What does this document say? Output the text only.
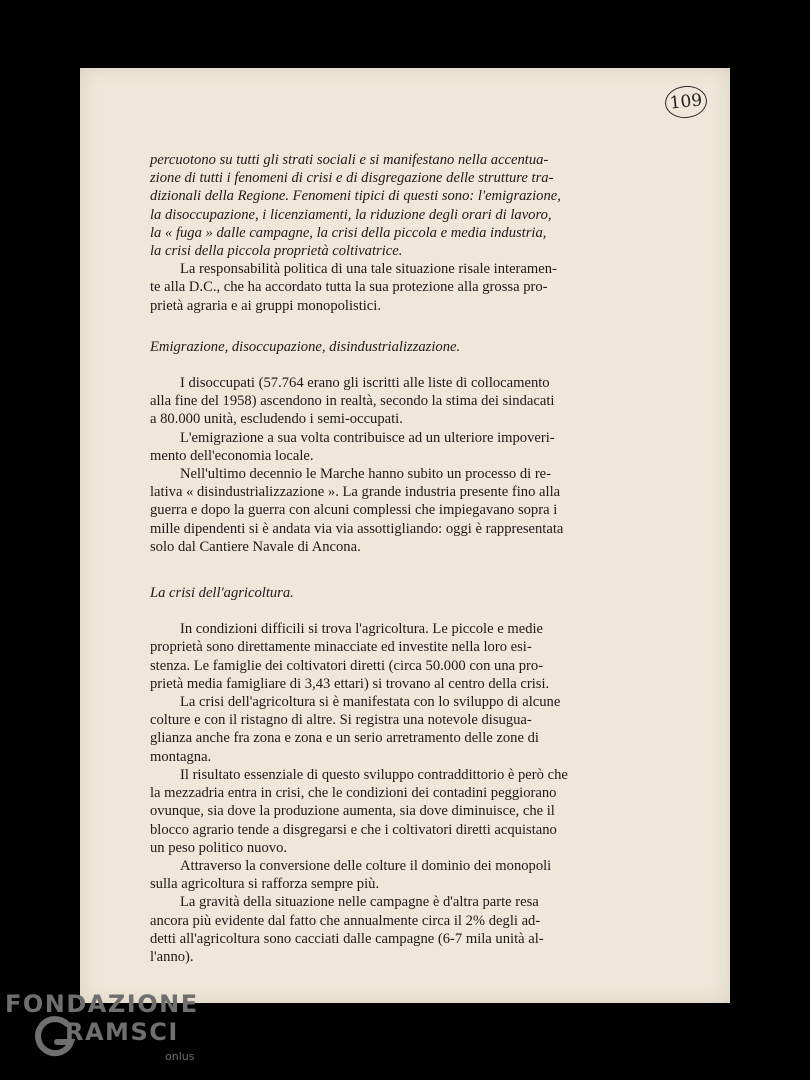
109

percuotono su tutti gli strati sociali e si manifestano nella accentua-
zione di tutti i fenomeni di crisi e di disgregazione delle strutture tra-
dizionali della Regione. Fenomeni tipici di questi sono: l'emigrazione,
la disoccupazione, i licenziamenti, la riduzione degli orari di lavoro,
la « fuga » dalle campagne, la crisi della piccola e media industria,
la crisi della piccola proprietà coltivatrice.

La responsabilità politica di una tale situazione risale interamen-
te alla D.C., che ha accordato tutta la sua protezione alla grossa pro-
prietà agraria e ai gruppi monopolistici.

Emigrazione, disoccupazione, disindustrializzazione.

I disoccupati (57.764 erano gli iscritti alle liste di collocamento
alla fine del 1958) ascendono in realtà, secondo la stima dei sindacati
a 80.000 unità, escludendo i semi-occupati.

L'emigrazione a sua volta contribuisce ad un ulteriore impoveri-
mento dell'economia locale.

Nell'ultimo decennio le Marche hanno subito un processo di re-
lativa « disindustrializzazione ». La grande industria presente fino alla
guerra e dopo la guerra con alcuni complessi che impiegavano sopra i
mille dipendenti si è andata via via assottigliando: oggi è rappresentata
solo dal Cantiere Navale di Ancona.

La crisi dell'agricoltura.

In condizioni difficili si trova l'agricoltura. Le piccole e medie
proprietà sono direttamente minacciate ed investite nella loro esi-
stenza. Le famiglie dei coltivatori diretti (circa 50.000 con una pro-
prietà media famigliare di 3,43 ettari) si trovano al centro della crisi.

La crisi dell'agricoltura si è manifestata con lo sviluppo di alcune
colture e con il ristagno di altre. Si registra una notevole disugua-
glianza anche fra zona e zona e un serio arretramento delle zone di
montagna.

Il risultato essenziale di questo sviluppo contraddittorio è però che
la mezzadria entra in crisi, che le condizioni dei contadini peggiorano
ovunque, sia dove la produzione aumenta, sia dove diminuisce, che il
blocco agrario tende a disgregarsi e che i coltivatori diretti acquistano
un peso politico nuovo.

Attraverso la conversione delle colture il dominio dei monopoli
sulla agricoltura si rafforza sempre più.

La gravità della situazione nelle campagne è d'altra parte resa
ancora più evidente dal fatto che annualmente circa il 2% degli ad-
detti all'agricoltura sono cacciati dalle campagne (6-7 mila unità al-
l'anno).

FONDAZIONE
RAMSCI
onlus
